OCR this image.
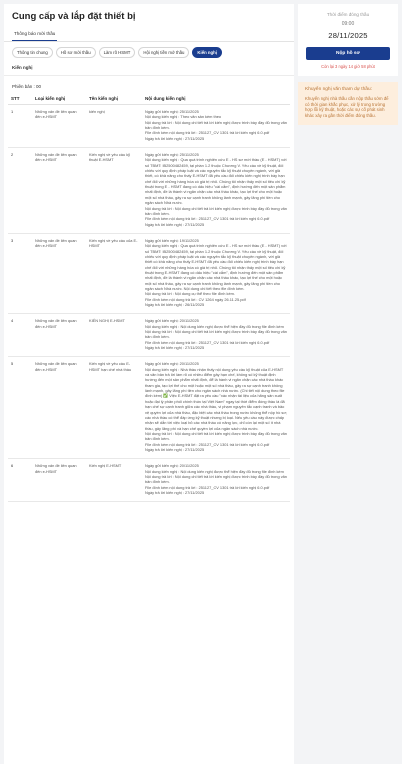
Cung cấp và lắp đặt thiết bị
Thông báo mời thầu
Thông tin chung	Hồ sơ mời thầu	Làm rõ HSMT	Hội nghị tiền mở thầu	Kiến nghị
Kiến nghị
Phiên bản : 00
STT	Loại kiến nghị	Tên kiến nghị	Nội dung kiến nghị
1	Những vấn đề liên quan đến e-HSMT	kiến nghị	Ngày gửi kiến nghị: 25/11/2025
Nội dung kiến nghị : Theo văn sản kèm theo
Nội dung trả lời : Nội dung chi tiết trả lời kiến nghị được trình bày đầy đủ trong văn bản đính kèm.
File đính kèm nội dung trả lời : 251127_CV 1301 trả lời kiến nghị 6.0.pdf
Ngày trả lời kiến nghị : 27/11/2025

2	Những vấn đề liên quan đến e-HSMT	Kiến nghị về yêu cầu kỹ thuật E-HSMT	Ngày gửi kiến nghị: 25/11/2025
Nội dung kiến nghị : Qua quá trình nghiên cứu E - HS sơ mời thầu (E - HSMT) với số TBMT: IB2500482459, tại phần 1.2 thuộc Chương V. Yêu cầu về kỹ thuật, đối chiếu với quy định pháp luật và các nguyên tắc kỹ thuật chuyên ngành, với giả thiết, có khả năng cho thấy E-HSMT đã yêu cầu đối chiếu kiến nghị trình bày hạn chế đối với những hàng hóa có giá trị nhỏ. Chúng tôi nhận thấy một số tiêu chí kỹ thuật trong E - HSMT đang có dấu hiệu "cài cắm", định hướng đến một sản phẩm nhất định, đề là thành vi ngăn chặn các nhà thầu khác, tạo lợi thế cho một hoặc một số nhà thầu, gây ra sự cạnh tranh không lành mạnh, gây lãng phí tiền cho ngân sách Nhà nước.
Nội dung trả lời : Nội dung chi tiết trả lời kiến nghị được trình bày đầy đủ trong văn bản đính kèm.
File đính kèm nội dung trả lời : 251127_CV 1301 trả lời kiến nghị 6.0.pdf
Ngày trả lời kiến nghị : 27/11/2025

3	Những vấn đề liên quan đến e-HSMT	Kiến nghị về yêu cầu của E-HSMT	Ngày gửi kiến nghị: 19/11/2025
Nội dung kiến nghị : Qua quá trình nghiên cứu E - HS sơ mời thầu (E - HSMT) với số TBMT: IB2500482459, tại phần 1.2 thuộc Chương V. Yêu cầu về kỹ thuật, đối chiếu với quy định pháp luật và các nguyên tắc kỹ thuật chuyên ngành, với giả thiết có khả năng cho thấy E-HSMT đã yêu cầu đối chiếu kiến nghị trình bày hạn chế đối với những hàng hóa có giá trị nhỏ. Chúng tôi nhận thấy một số tiêu chí kỹ thuật trong E-HSMT đang có dấu hiệu "cài cắm", định hướng đến một sản phẩm nhất định, đề là thành vi ngăn chặn các nhà thầu khác, tạo lợi thế cho một hoặc một số nhà thầu, gây ra sự cạnh tranh không lành mạnh, gây lãng phí tiền cho ngân sách Nhà nước. Nội dung chi tiết theo file đính kèm.
Nội dung trả lời : Nội dung cụ thể theo file đính kèm.
File đính kèm nội dung trả lời : CV 1264 ngày 26.11.25.pdf
Ngày trả lời kiến nghị : 26/11/2025

4	Những vấn đề liên quan đến e-HSMT	KIẾN NGHỊ E-HSMT	Ngày gửi kiến nghị: 20/11/2025
Nội dung kiến nghị : Nội dung kiến nghị được thể hiện đầy đủ trong file đính kèm
Nội dung trả lời : Nội dung chi tiết trả lời kiến nghị được trình bày đầy đủ trong văn bản đính kèm.
File đính kèm nội dung trả lời : 251127_CV 1301 trả lời kiến nghị 6.0.pdf
Ngày trả lời kiến nghị : 27/11/2025

5	Những vấn đề liên quan đến e-HSMT	Kiến nghị về yêu cầu E-HSMT hạn chế nhà thầu	Ngày gửi kiến nghị: 20/11/2025
Nội dung kiến nghị : Nhà thầu nhận thấy nội dung yêu cầu kỹ thuật của E-HSMT và văn bản trả lời làm rõ có nhiều điểm gây hạn chế, không số kỹ thuật định hướng đến một sản phẩm nhất định, để là hành vi ngăn chặn các nhà thầu khác tham gia, tạo lợi thế cho một hoặc một số nhà thầu, gây ra sự cạnh tranh không lành mạnh, gây lãng phí tiền cho ngân sách nhà nước. (Chi tiết nội dung theo file đính kèm) ✅ Việc E-HSMT đặt ra yêu cầu "xác nhận tài liệu của hãng sản xuất hoặc đại lý phân phối chính thức tại Việt Nam" ngay tại thời điểm đóng thầu là đã hạn chế sự cạnh tranh giữa các nhà thầu, vi phạm nguyên tắc cạnh tranh và bảo vệ quyền lợi của nhà thầu, đặc biệt các nhà thầu trong nước không thể nộp hồ sơ; các nhà thầu có thể đáp ứng kỹ thuật nhưng bị loại. Nếu yêu cầu này được chấp nhận sẽ dẫn tới việc loại bỏ các nhà thầu có năng lực, chỉ còn lại một số ít nhà thầu, gây lãng phí và hạn chế quyền lợi của ngân sách nhà nước.
Nội dung trả lời : Nội dung chi tiết trả lời kiến nghị được trình bày đầy đủ trong văn bản đính kèm.
File đính kèm nội dung trả lời : 251127_CV 1301 trả lời kiến nghị 6.0.pdf
Ngày trả lời kiến nghị : 27/11/2025

6	Những vấn đề liên quan đến e-HSMT	Kiến nghị E-HSMT	Ngày gửi kiến nghị: 20/11/2025
Nội dung kiến nghị : Nội dung kiến nghị được thể hiện đầy đủ trong file đính kèm
Nội dung trả lời : Nội dung chi tiết trả lời kiến nghị được trình bày đầy đủ trong văn bản đính kèm.
File đính kèm nội dung trả lời : 251127_CV 1301 trả lời kiến nghị 6.0.pdf
Ngày trả lời kiến nghị : 27/11/2025
Thời điểm đóng thầu
09:00
28/11/2025
Nộp hồ sơ
Còn lại 3 ngày 14 giờ 58 phút
Khuyến nghị văn tham dự thầu:
Khuyến nghị nhà thầu cần nộp thầu sớm để có thời gian khắc phục, xử lý trong trường hợp lỗi kỹ thuật, hoặc các sự cố phát sinh khác xảy ra gần thời điểm đóng thầu.
